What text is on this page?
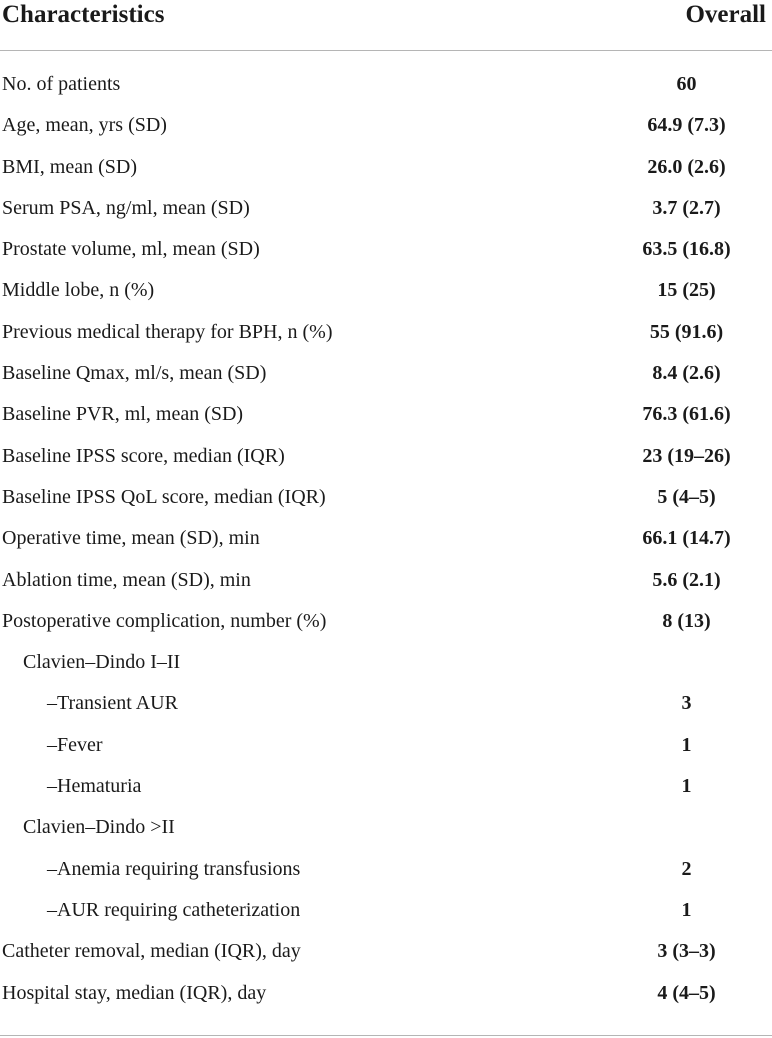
Characteristics	Overall
No. of patients	60
Age, mean, yrs (SD)	64.9 (7.3)
BMI, mean (SD)	26.0 (2.6)
Serum PSA, ng/ml, mean (SD)	3.7 (2.7)
Prostate volume, ml, mean (SD)	63.5 (16.8)
Middle lobe, n (%)	15 (25)
Previous medical therapy for BPH, n (%)	55 (91.6)
Baseline Qmax, ml/s, mean (SD)	8.4 (2.6)
Baseline PVR, ml, mean (SD)	76.3 (61.6)
Baseline IPSS score, median (IQR)	23 (19–26)
Baseline IPSS QoL score, median (IQR)	5 (4–5)
Operative time, mean (SD), min	66.1 (14.7)
Ablation time, mean (SD), min	5.6 (2.1)
Postoperative complication, number (%)	8 (13)
Clavien–Dindo I–II
–Transient AUR	3
–Fever	1
–Hematuria	1
Clavien–Dindo >II
–Anemia requiring transfusions	2
–AUR requiring catheterization	1
Catheter removal, median (IQR), day	3 (3–3)
Hospital stay, median (IQR), day	4 (4–5)
